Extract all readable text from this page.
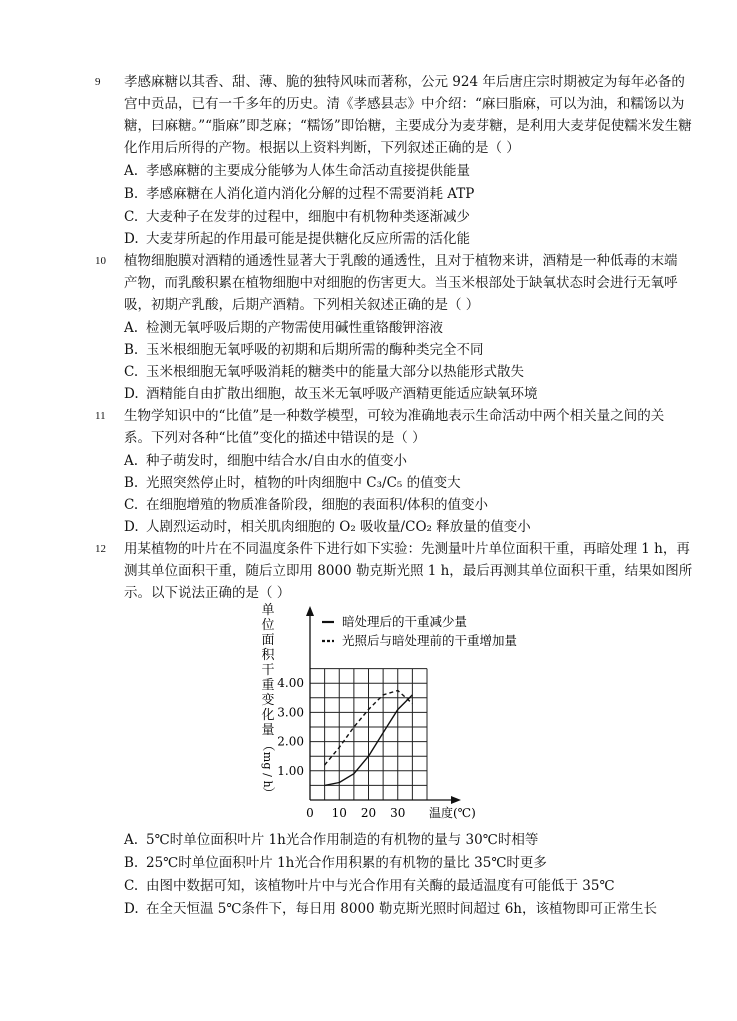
9 孝感麻糖以其香、甜、薄、脆的独特风味而著称，公元 924 年后唐庄宗时期被定为每年必备的
宫中贡品，已有一千多年的历史。清《孝感县志》中介绍：“麻曰脂麻，可以为油，和糯饧以为
糖，曰麻糖。”“脂麻”即芝麻；“糯饧”即饴糖，主要成分为麦芽糖，是利用大麦芽促使糯米发生糖
化作用后所得的产物。根据以上资料判断，下列叙述正确的是（ ）
A. 孝感麻糖的主要成分能够为人体生命活动直接提供能量
B. 孝感麻糖在人消化道内消化分解的过程不需要消耗 ATP
C. 大麦种子在发芽的过程中，细胞中有机物种类逐渐减少
D. 大麦芽所起的作用最可能是提供糖化反应所需的活化能
10 植物细胞膜对酒精的通透性显著大于乳酸的通透性，且对于植物来讲，酒精是一种低毒的末端
产物，而乳酸积累在植物细胞中对细胞的伤害更大。当玉米根部处于缺氧状态时会进行无氧呼
吸，初期产乳酸，后期产酒精。下列相关叙述正确的是（ ）
A. 检测无氧呼吸后期的产物需使用碱性重铬酸钾溶液
B. 玉米根细胞无氧呼吸的初期和后期所需的酶种类完全不同
C. 玉米根细胞无氧呼吸消耗的糖类中的能量大部分以热能形式散失
D. 酒精能自由扩散出细胞，故玉米无氧呼吸产酒精更能适应缺氧环境
11 生物学知识中的“比值”是一种数学模型，可较为准确地表示生命活动中两个相关量之间的关
系。下列对各种“比值”变化的描述中错误的是（ ）
A. 种子萌发时，细胞中结合水/自由水的值变小
B. 光照突然停止时，植物的叶肉细胞中 C₃/C₅ 的值变大
C. 在细胞增殖的物质准备阶段，细胞的表面积/体积的值变小
D. 人剧烈运动时，相关肌肉细胞的 O₂ 吸收量/CO₂ 释放量的值变小
12 用某植物的叶片在不同温度条件下进行如下实验：先测量叶片单位面积干重，再暗处理 1 h，再
测其单位面积干重，随后立即用 8000 勒克斯光照 1 h，最后再测其单位面积干重，结果如图所
示。以下说法正确的是（ ）
1.00
2.00
3.00
4.00
0 10 20 30
暗处理后的干重减少量
光照后与暗处理前的干重增加量
单
位
面
积
干
重
变
化
量
（
m
g
/
h
）
温度(℃)
A. 5℃时单位面积叶片 1h光合作用制造的有机物的量与 30℃时相等
B. 25℃时单位面积叶片 1h光合作用积累的有机物的量比 35℃时更多
C. 由图中数据可知，该植物叶片中与光合作用有关酶的最适温度有可能低于 35℃
D. 在全天恒温 5℃条件下，每日用 8000 勒克斯光照时间超过 6h，该植物即可正常生长
